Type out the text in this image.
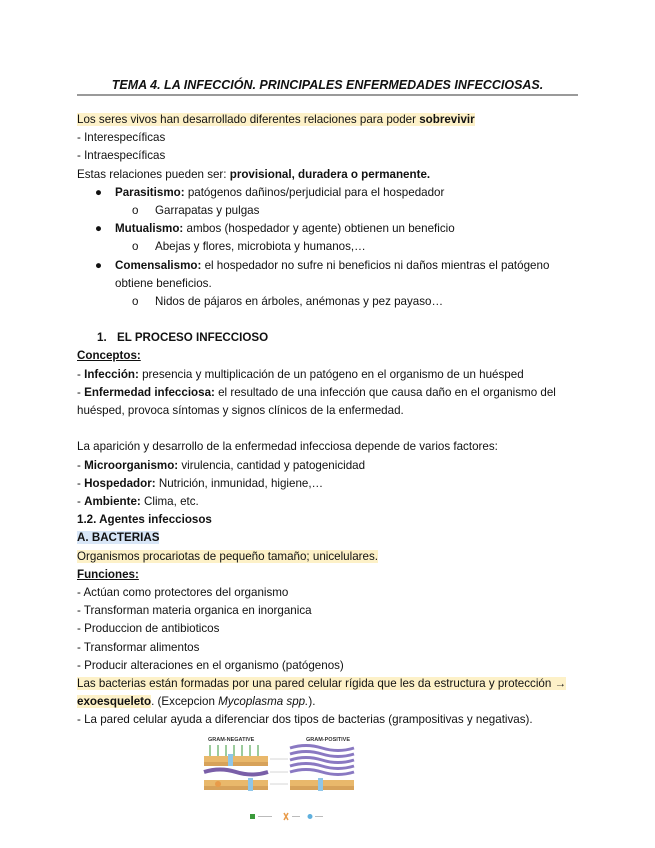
TEMA 4. LA INFECCIÓN. PRINCIPALES ENFERMEDADES INFECCIOSAS.
Los seres vivos han desarrollado diferentes relaciones para poder sobrevivir
- Interespecíficas
- Intraespecíficas
Estas relaciones pueden ser: provisional, duradera o permanente.
●	Parasitismo: patógenos dañinos/perjudicial para el hospedador
o	Garrapatas y pulgas
●	Mutualismo: ambos (hospedador y agente) obtienen un beneficio
o	Abejas y flores, microbiota y humanos,…
●	Comensalismo: el hospedador no sufre ni beneficios ni daños mientras el patógeno obtiene beneficios.
o	Nidos de pájaros en árboles, anémonas y pez payaso…
1. EL PROCESO INFECCIOSO
Conceptos:
- Infección: presencia y multiplicación de un patógeno en el organismo de un huésped
- Enfermedad infecciosa: el resultado de una infección que causa daño en el organismo del huésped, provoca síntomas y signos clínicos de la enfermedad.
La aparición y desarrollo de la enfermedad infecciosa depende de varios factores:
- Microorganismo: virulencia, cantidad y patogenicidad
- Hospedador: Nutrición, inmunidad, higiene,…
- Ambiente: Clima, etc.
1.2. Agentes infecciosos
A. BACTERIAS
Organismos procariotas de pequeño tamaño; unicelulares.
Funciones:
- Actúan como protectores del organismo
- Transforman materia organica en inorganica
- Produccion de antibioticos
- Transformar alimentos
- Producir alteraciones en el organismo (patógenos)
Las bacterias están formadas por una pared celular rígida que les da estructura y protección → exoesqueleto. (Excepcion Mycoplasma spp.).
- La pared celular ayuda a diferenciar dos tipos de bacterias (grampositivas y negativas).
GRAM-NEGATIVE	GRAM-POSITIVE
